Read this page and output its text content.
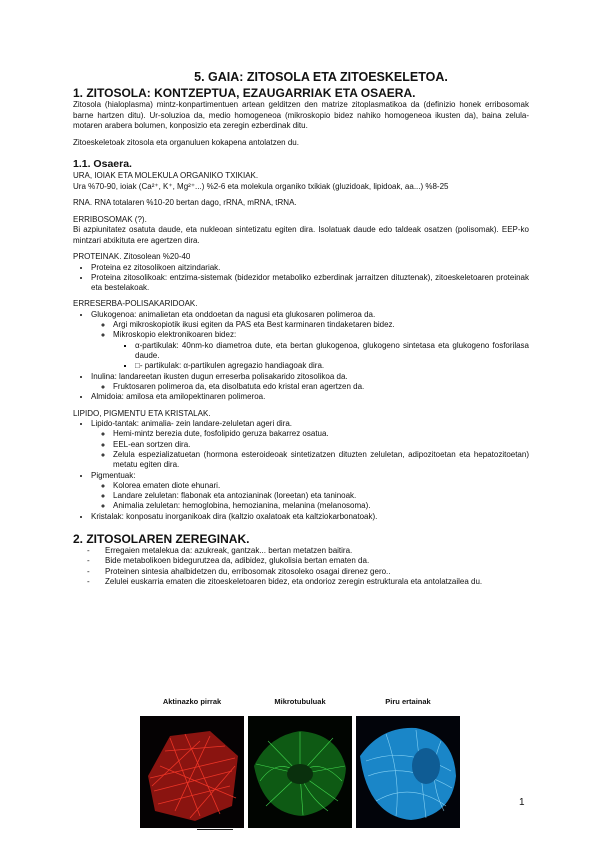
5. GAIA: ZITOSOLA ETA ZITOESKELETOA.
1. ZITOSOLA: KONTZEPTUA, EZAUGARRIAK ETA OSAERA.

Zitosola (hialoplasma) mintz-konpartimentuen artean gelditzen den matrize zitoplasmatikoa da (definizio honek erribosomak barne hartzen ditu). Ur-soluzioa da, medio homogeneoa (mikroskopio bidez nahiko homogeneoa ikusten da), baina zelula-motaren arabera bolumen, konposizio eta zeregin ezberdinak ditu.

Zitoeskeletoak zitosola eta organuluen kokapena antolatzen du.

1.1. Osaera.

URA, IOIAK ETA MOLEKULA ORGANIKO TXIKIAK.

Ura %70-90, ioiak (Ca²⁺, K⁺, Mg²⁺...) %2-6 eta molekula organiko txikiak (gluzidoak, lipidoak, aa...) %8-25

RNA. RNA totalaren %10-20 bertan dago, rRNA, mRNA, tRNA.

ERRIBOSOMAK (?).

Bi azpiunitatez osatuta daude, eta nukleoan sintetizatu egiten dira. Isolatuak daude edo taldeak osatzen (polisomak). EEP-ko mintzari atxikituta ere agertzen dira.

PROTEINAK. Zitosolean %20-40

• Proteina ez zitosolikoen aitzindariak.
• Proteina zitosolikoak: entzima-sistemak (bidezidor metaboliko ezberdinak jarraitzen dituztenak), zitoeskeletoaren proteinak eta bestelakoak.

ERRESERBA-POLISAKARIDOAK.

• Glukogenoa: animalietan eta onddoetan da nagusi eta glukosaren polimeroa da.
◦ Argi mikroskopiotik ikusi egiten da PAS eta Best karminaren tindaketaren bidez.
◦ Mikroskopio elektronikoaren bidez:
▪ α-partikulak: 40nm-ko diametroa dute, eta bertan glukogenoa, glukogeno sintetasa eta glukogeno fosforilasa daude.
▪ □- partikulak: α-partikulen agregazio handiagoak dira.
• Inulina: landareetan ikusten dugun erreserba polisakarido zitosolikoa da.
◦ Fruktosaren polimeroa da, eta disolbatuta edo kristal eran agertzen da.
• Almidoia: amilosa eta amilopektinaren polimeroa.

LIPIDO, PIGMENTU ETA KRISTALAK.

• Lipido-tantak: animalia- zein landare-zeluletan ageri dira.
◦ Hemi-mintz berezia dute, fosfolipido geruza bakarrez osatua.
◦ EEL-ean sortzen dira.
◦ Zelula espezializatuetan (hormona esteroideoak sintetizatzen dituzten zeluletan, adipozitoetan eta hepatozitoetan) metatu egiten dira.
• Pigmentuak:
◦ Kolorea ematen diote ehunari.
◦ Landare zeluletan: flabonak eta antozianinak (loreetan) eta taninoak.
◦ Animalia zeluletan: hemoglobina, hemozianina, melanina (melanosoma).
• Kristalak: konposatu inorganikoak dira (kaltzio oxalatoak eta kaltziokarbonatoak).
2. ZITOSOLAREN ZEREGINAK.
- Erregaien metalekua da: azukreak, gantzak... bertan metatzen baitira.
- Bide metabolikoen bidegurutzea da, adibidez, glukolisia bertan ematen da.
- Proteinen sintesia ahalbidetzen du, erribosomak zitosoleko osagai direnez gero..
- Zelulei euskarria ematen die zitoeskeletoaren bidez, eta ondorioz zeregin estrukturala eta antolatzailea du.
Aktinazko pirrak	Mikrotubuluak	Piru ertainak
1
